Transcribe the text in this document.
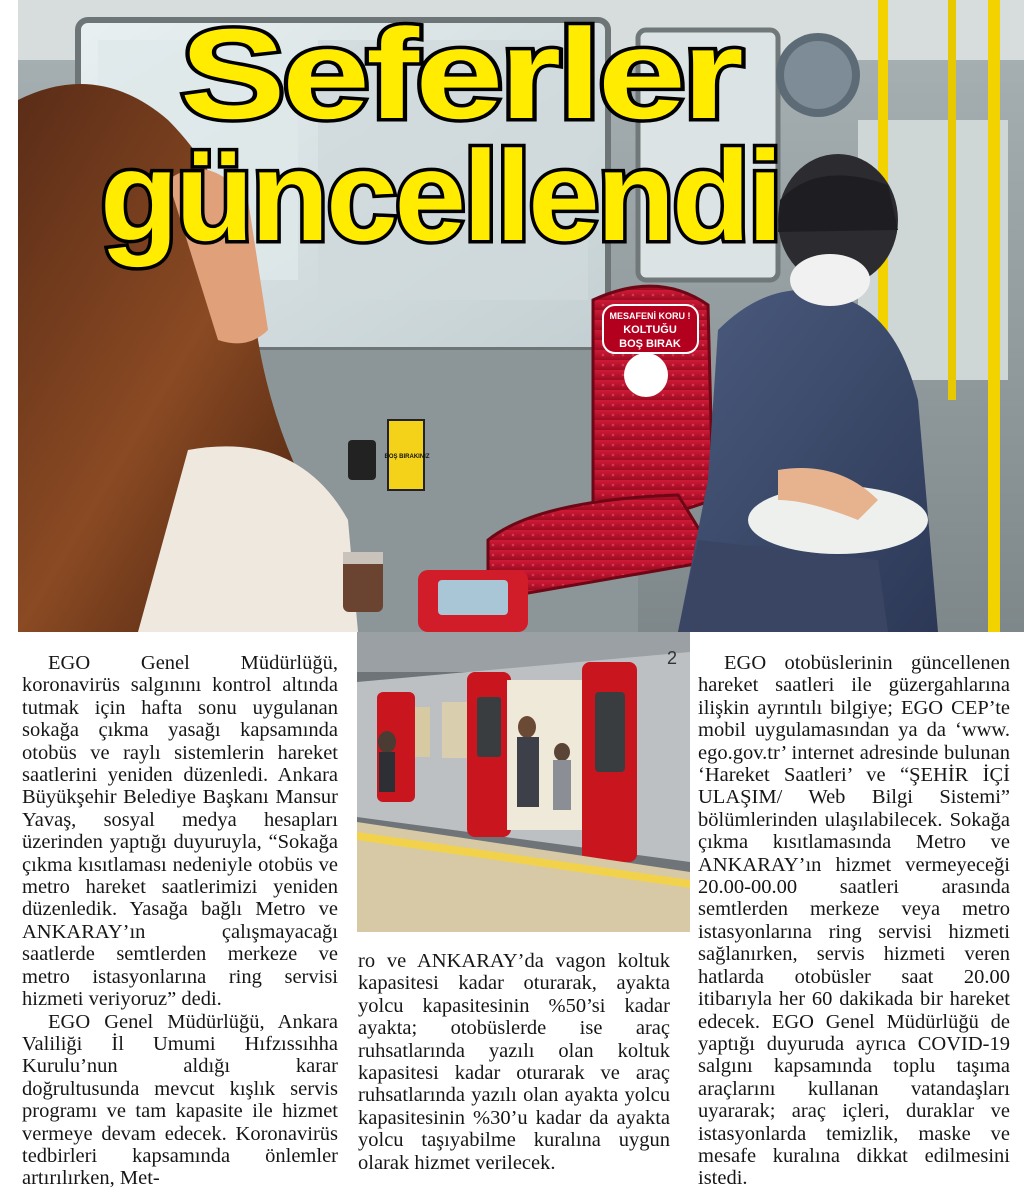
MESAFENİ KORU !
KOLTUĞU
BOŞ BIRAK
BOŞ BIRAKINIZ
Seferler
güncellendi
2

EGO Genel Müdürlüğü, koronavirüs salgınını kontrol altında tutmak için hafta sonu uygulanan sokağa çıkma yasağı kapsamında otobüs ve raylı sistemlerin hareket saatlerini yeniden düzenledi. Ankara Büyükşehir Belediye Başkanı Mansur Yavaş, sosyal medya hesapları üzerinden yaptığı duyuruyla, “Sokağa çıkma kısıtlaması nedeniyle otobüs ve metro hareket saatlerimizi yeniden düzenledik. Yasağa bağlı Metro ve ANKARAY’ın çalışmayacağı saatlerde semtlerden merkeze ve metro istasyonlarına ring servisi hizmeti veriyoruz” dedi.

EGO Genel Müdürlüğü, Ankara Valiliği İl Umumi Hıfzıssıhha Kurulu’nun aldığı karar doğrultusunda mevcut kışlık servis programı ve tam kapasite ile hizmet vermeye devam edecek. Koronavirüs tedbirleri kapsamında önlemler artırılırken, Met-

ro ve ANKARAY’da vagon koltuk kapasitesi kadar oturarak, ayakta yolcu kapasitesinin %50’si kadar ayakta; otobüslerde ise araç ruhsatlarında yazılı olan koltuk kapasitesi kadar oturarak ve araç ruhsatlarında yazılı olan ayakta yolcu kapasitesinin %30’u kadar da ayakta yolcu taşıyabilme kuralına uygun olarak hizmet verilecek.

EGO otobüslerinin güncellenen hareket saatleri ile güzergahlarına ilişkin ayrıntılı bilgiye; EGO CEP’te mobil uygulamasından ya da ‘www. ego.gov.tr’ internet adresinde bulunan ‘Hareket Saatleri’ ve “ŞEHİR İÇİ ULAŞIM/ Web Bilgi Sistemi” bölümlerinden ulaşılabilecek. Sokağa çıkma kısıtlamasında Metro ve ANKARAY’ın hizmet vermeyeceği 20.00-00.00 saatleri arasında semtlerden merkeze veya metro istasyonlarına ring servisi hizmeti sağlanırken, servis hizmeti veren hatlarda otobüsler saat 20.00 itibarıyla her 60 dakikada bir hareket edecek. EGO Genel Müdürlüğü de yaptığı duyuruda ayrıca COVID-19 salgını kapsamında toplu taşıma araçlarını kullanan vatandaşları uyararak; araç içleri, duraklar ve istasyonlarda temizlik, maske ve mesafe kuralına dikkat edilmesini istedi.
